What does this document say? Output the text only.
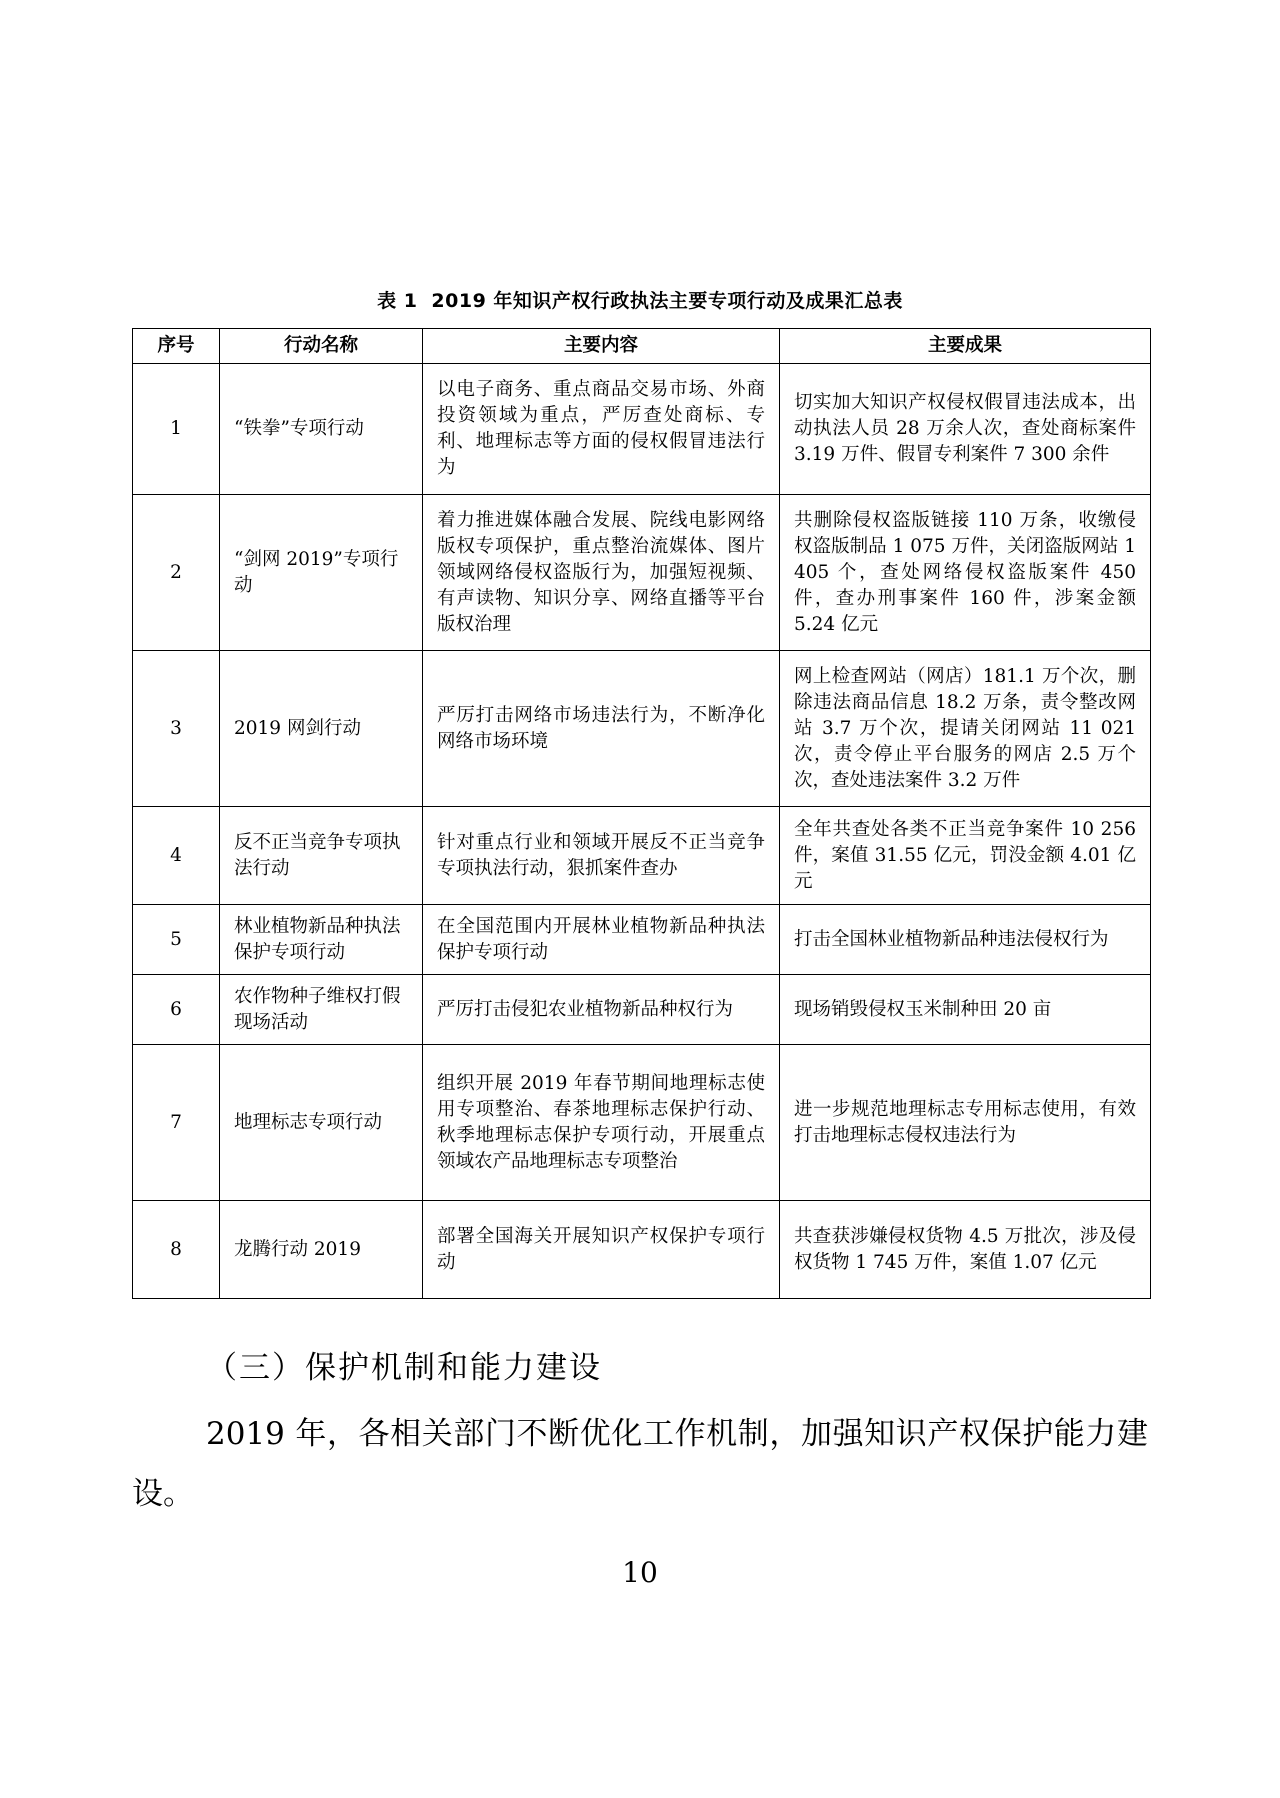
表 1 2019 年知识产权行政执法主要专项行动及成果汇总表
序号	行动名称	主要内容	主要成果
1	“铁拳”专项行动	以电子商务、重点商品交易市场、外商投资领域为重点，严厉查处商标、专利、地理标志等方面的侵权假冒违法行为	切实加大知识产权侵权假冒违法成本，出动执法人员 28 万余人次，查处商标案件 3.19 万件、假冒专利案件 7 300 余件
2	“剑网 2019”专项行动	着力推进媒体融合发展、院线电影网络版权专项保护，重点整治流媒体、图片领域网络侵权盗版行为，加强短视频、有声读物、知识分享、网络直播等平台版权治理	共删除侵权盗版链接 110 万条，收缴侵权盗版制品 1 075 万件，关闭盗版网站 1 405 个，查处网络侵权盗版案件 450 件，查办刑事案件 160 件，涉案金额 5.24 亿元
3	2019 网剑行动	严厉打击网络市场违法行为，不断净化网络市场环境	网上检查网站（网店）181.1 万个次，删除违法商品信息 18.2 万条，责令整改网站 3.7 万个次，提请关闭网站 11 021 次，责令停止平台服务的网店 2.5 万个次，查处违法案件 3.2 万件
4	反不正当竞争专项执法行动	针对重点行业和领域开展反不正当竞争专项执法行动，狠抓案件查办	全年共查处各类不正当竞争案件 10 256 件，案值 31.55 亿元，罚没金额 4.01 亿元
5	林业植物新品种执法保护专项行动	在全国范围内开展林业植物新品种执法保护专项行动	打击全国林业植物新品种违法侵权行为
6	农作物种子维权打假现场活动	严厉打击侵犯农业植物新品种权行为	现场销毁侵权玉米制种田 20 亩
7	地理标志专项行动	组织开展 2019 年春节期间地理标志使用专项整治、春茶地理标志保护行动、秋季地理标志保护专项行动，开展重点领域农产品地理标志专项整治	进一步规范地理标志专用标志使用，有效打击地理标志侵权违法行为
8	龙腾行动 2019	部署全国海关开展知识产权保护专项行动	共查获涉嫌侵权货物 4.5 万批次，涉及侵权货物 1 745 万件，案值 1.07 亿元
（三）保护机制和能力建设
2019 年，各相关部门不断优化工作机制，加强知识产权保护能力建设。
10
